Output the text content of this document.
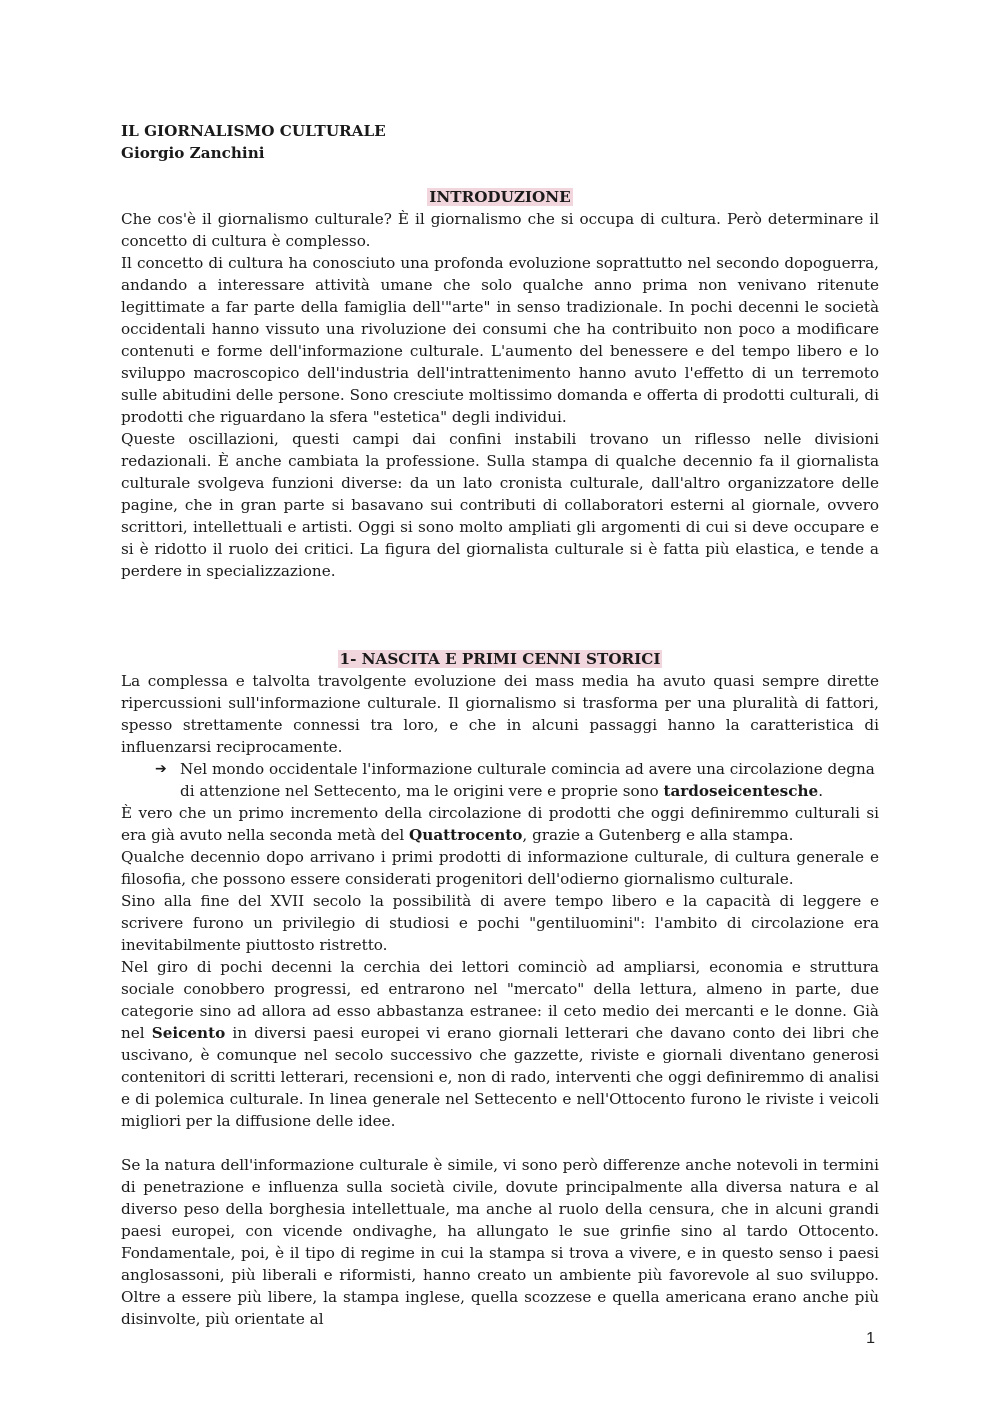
IL GIORNALISMO CULTURALE

Giorgio Zanchini

INTRODUZIONE

Che cos'è il giornalismo culturale? È il giornalismo che si occupa di cultura. Però determinare il concetto di cultura è complesso.

Il concetto di cultura ha conosciuto una profonda evoluzione soprattutto nel secondo dopoguerra, andando a interessare attività umane che solo qualche anno prima non venivano ritenute legittimate a far parte della famiglia dell'"arte" in senso tradizionale. In pochi decenni le società occidentali hanno vissuto una rivoluzione dei consumi che ha contribuito non poco a modificare contenuti e forme dell'informazione culturale. L'aumento del benessere e del tempo libero e lo sviluppo macroscopico dell'industria dell'intrattenimento hanno avuto l'effetto di un terremoto sulle abitudini delle persone. Sono cresciute moltissimo domanda e offerta di prodotti culturali, di prodotti che riguardano la sfera "estetica" degli individui.

Queste oscillazioni, questi campi dai confini instabili trovano un riflesso nelle divisioni redazionali. È anche cambiata la professione. Sulla stampa di qualche decennio fa il giornalista culturale svolgeva funzioni diverse: da un lato cronista culturale, dall'altro organizzatore delle pagine, che in gran parte si basavano sui contributi di collaboratori esterni al giornale, ovvero scrittori, intellettuali e artisti. Oggi si sono molto ampliati gli argomenti di cui si deve occupare e si è ridotto il ruolo dei critici. La figura del giornalista culturale si è fatta più elastica, e tende a perdere in specializzazione.

1- NASCITA E PRIMI CENNI STORICI

La complessa e talvolta travolgente evoluzione dei mass media ha avuto quasi sempre dirette ripercussioni sull'informazione culturale. Il giornalismo si trasforma per una pluralità di fattori, spesso strettamente connessi tra loro, e che in alcuni passaggi hanno la caratteristica di influenzarsi reciprocamente.

➔ Nel mondo occidentale l'informazione culturale comincia ad avere una circolazione degna di attenzione nel Settecento, ma le origini vere e proprie sono tardoseicentesche.

È vero che un primo incremento della circolazione di prodotti che oggi definiremmo culturali si era già avuto nella seconda metà del Quattrocento, grazie a Gutenberg e alla stampa.

Qualche decennio dopo arrivano i primi prodotti di informazione culturale, di cultura generale e filosofia, che possono essere considerati progenitori dell'odierno giornalismo culturale.

Sino alla fine del XVII secolo la possibilità di avere tempo libero e la capacità di leggere e scrivere furono un privilegio di studiosi e pochi "gentiluomini": l'ambito di circolazione era inevitabilmente piuttosto ristretto.

Nel giro di pochi decenni la cerchia dei lettori cominciò ad ampliarsi, economia e struttura sociale conobbero progressi, ed entrarono nel "mercato" della lettura, almeno in parte, due categorie sino ad allora ad esso abbastanza estranee: il ceto medio dei mercanti e le donne. Già nel Seicento in diversi paesi europei vi erano giornali letterari che davano conto dei libri che uscivano, è comunque nel secolo successivo che gazzette, riviste e giornali diventano generosi contenitori di scritti letterari, recensioni e, non di rado, interventi che oggi definiremmo di analisi e di polemica culturale. In linea generale nel Settecento e nell'Ottocento furono le riviste i veicoli migliori per la diffusione delle idee.

Se la natura dell'informazione culturale è simile, vi sono però differenze anche notevoli in termini di penetrazione e influenza sulla società civile, dovute principalmente alla diversa natura e al diverso peso della borghesia intellettuale, ma anche al ruolo della censura, che in alcuni grandi paesi europei, con vicende ondivaghe, ha allungato le sue grinfie sino al tardo Ottocento. Fondamentale, poi, è il tipo di regime in cui la stampa si trova a vivere, e in questo senso i paesi anglosassoni, più liberali e riformisti, hanno creato un ambiente più favorevole al suo sviluppo. Oltre a essere più libere, la stampa inglese, quella scozzese e quella americana erano anche più disinvolte, più orientate al

1
